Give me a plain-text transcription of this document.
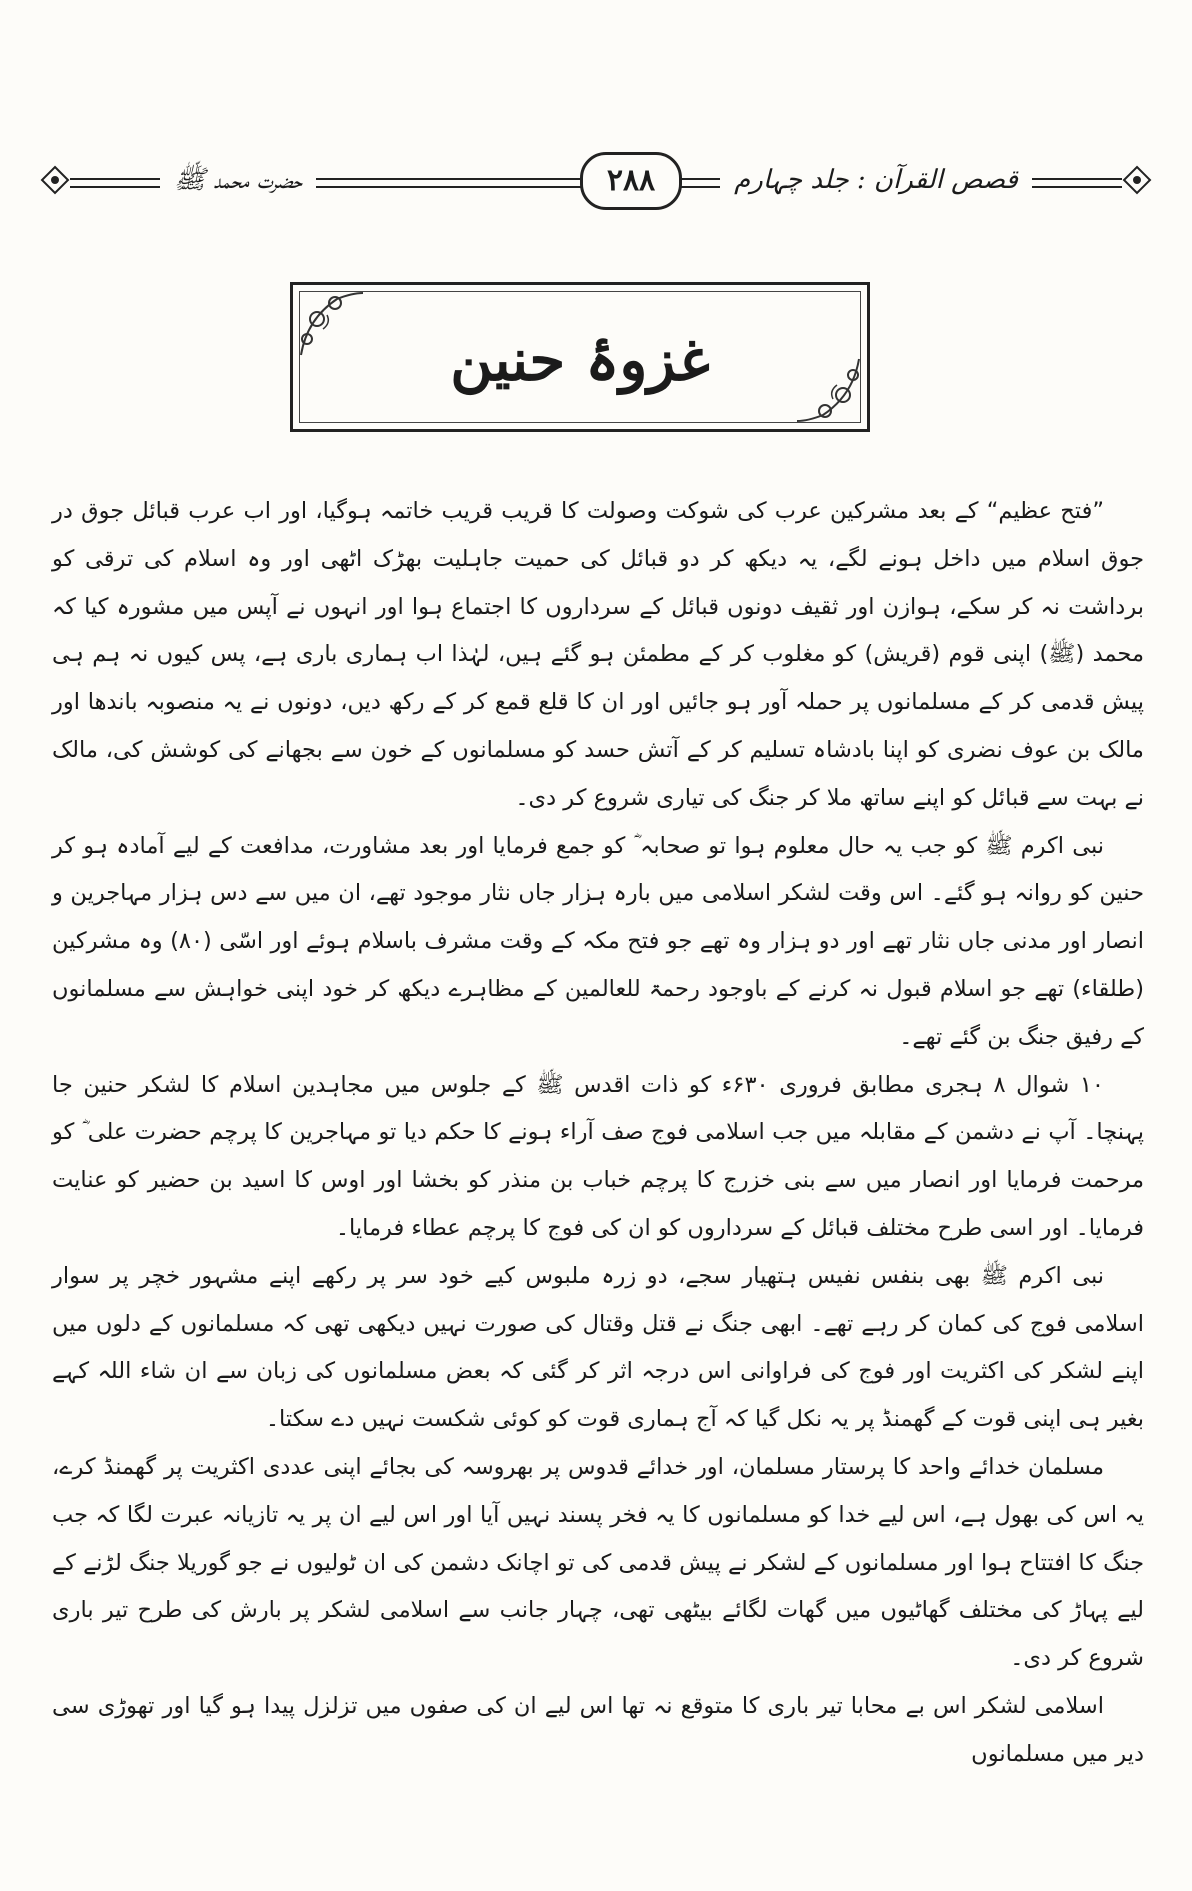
قصص القرآن : جلد چہارم
۲۸۸
حضرت محمد ﷺ
غزوۂ حنین

”فتح عظیم“ کے بعد مشرکین عرب کی شوکت وصولت کا قریب قریب خاتمہ ہوگیا، اور اب عرب قبائل جوق در جوق اسلام میں داخل ہونے لگے، یہ دیکھ کر دو قبائل کی حمیت جاہلیت بھڑک اٹھی اور وہ اسلام کی ترقی کو برداشت نہ کر سکے، ہوازن اور ثقیف دونوں قبائل کے سرداروں کا اجتماع ہوا اور انہوں نے آپس میں مشورہ کیا کہ محمد (ﷺ) اپنی قوم (قریش) کو مغلوب کر کے مطمئن ہو گئے ہیں، لہٰذا اب ہماری باری ہے، پس کیوں نہ ہم ہی پیش قدمی کر کے مسلمانوں پر حملہ آور ہو جائیں اور ان کا قلع قمع کر کے رکھ دیں، دونوں نے یہ منصوبہ باندھا اور مالک بن عوف نضری کو اپنا بادشاہ تسلیم کر کے آتش حسد کو مسلمانوں کے خون سے بجھانے کی کوشش کی، مالک نے بہت سے قبائل کو اپنے ساتھ ملا کر جنگ کی تیاری شروع کر دی۔

نبی اکرم ﷺ کو جب یہ حال معلوم ہوا تو صحابہ ؓ کو جمع فرمایا اور بعد مشاورت، مدافعت کے لیے آمادہ ہو کر حنین کو روانہ ہو گئے۔ اس وقت لشکر اسلامی میں بارہ ہزار جاں نثار موجود تھے، ان میں سے دس ہزار مہاجرین و انصار اور مدنی جاں نثار تھے اور دو ہزار وہ تھے جو فتح مکہ کے وقت مشرف باسلام ہوئے اور اسّی (۸۰) وہ مشرکین (طلقاء) تھے جو اسلام قبول نہ کرنے کے باوجود رحمۃ للعالمین کے مظاہرے دیکھ کر خود اپنی خواہش سے مسلمانوں کے رفیق جنگ بن گئے تھے۔

۱۰ شوال ۸ ہجری مطابق فروری ۶۳۰ء کو ذات اقدس ﷺ کے جلوس میں مجاہدین اسلام کا لشکر حنین جا پہنچا۔ آپ نے دشمن کے مقابلہ میں جب اسلامی فوج صف آراء ہونے کا حکم دیا تو مہاجرین کا پرچم حضرت علی ؓ کو مرحمت فرمایا اور انصار میں سے بنی خزرج کا پرچم خباب بن منذر کو بخشا اور اوس کا اسید بن حضیر کو عنایت فرمایا۔ اور اسی طرح مختلف قبائل کے سرداروں کو ان کی فوج کا پرچم عطاء فرمایا۔

نبی اکرم ﷺ بھی بنفس نفیس ہتھیار سجے، دو زرہ ملبوس کیے خود سر پر رکھے اپنے مشہور خچر پر سوار اسلامی فوج کی کمان کر رہے تھے۔ ابھی جنگ نے قتل وقتال کی صورت نہیں دیکھی تھی کہ مسلمانوں کے دلوں میں اپنے لشکر کی اکثریت اور فوج کی فراوانی اس درجہ اثر کر گئی کہ بعض مسلمانوں کی زبان سے ان شاء اللہ کہے بغیر ہی اپنی قوت کے گھمنڈ پر یہ نکل گیا کہ آج ہماری قوت کو کوئی شکست نہیں دے سکتا۔

مسلمان خدائے واحد کا پرستار مسلمان، اور خدائے قدوس پر بھروسہ کی بجائے اپنی عددی اکثریت پر گھمنڈ کرے، یہ اس کی بھول ہے، اس لیے خدا کو مسلمانوں کا یہ فخر پسند نہیں آیا اور اس لیے ان پر یہ تازیانہ عبرت لگا کہ جب جنگ کا افتتاح ہوا اور مسلمانوں کے لشکر نے پیش قدمی کی تو اچانک دشمن کی ان ٹولیوں نے جو گوریلا جنگ لڑنے کے لیے پہاڑ کی مختلف گھاٹیوں میں گھات لگائے بیٹھی تھی، چہار جانب سے اسلامی لشکر پر بارش کی طرح تیر باری شروع کر دی۔

اسلامی لشکر اس بے محابا تیر باری کا متوقع نہ تھا اس لیے ان کی صفوں میں تزلزل پیدا ہو گیا اور تھوڑی سی دیر میں مسلمانوں
